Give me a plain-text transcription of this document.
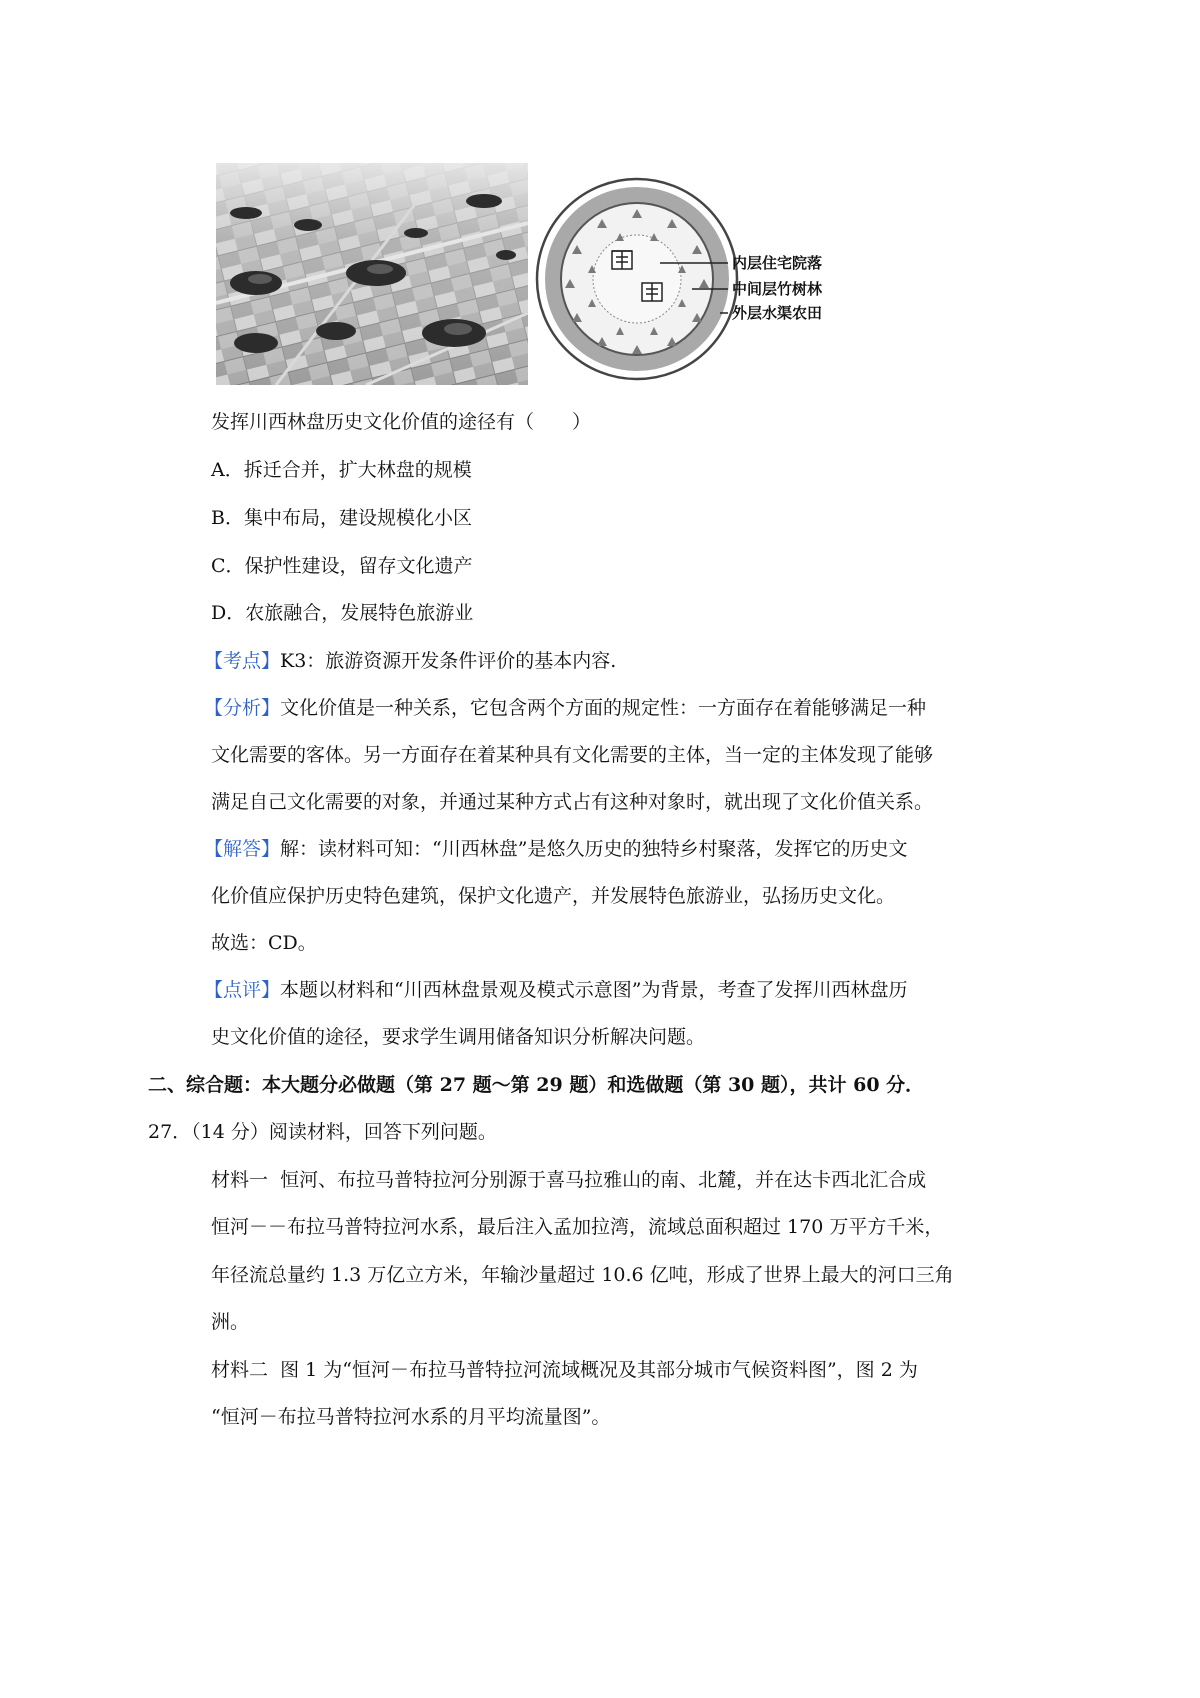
内层住宅院落
中间层竹树林
外层水渠农田
发挥川西林盘历史文化价值的途径有（　　）
A．拆迁合并，扩大林盘的规模
B．集中布局，建设规模化小区
C．保护性建设，留存文化遗产
D．农旅融合，发展特色旅游业
【考点】K3：旅游资源开发条件评价的基本内容.
【分析】文化价值是一种关系，它包含两个方面的规定性：一方面存在着能够满足一种
文化需要的客体。另一方面存在着某种具有文化需要的主体，当一定的主体发现了能够
满足自己文化需要的对象，并通过某种方式占有这种对象时，就出现了文化价值关系。
【解答】解：读材料可知：“川西林盘”是悠久历史的独特乡村聚落，发挥它的历史文
化价值应保护历史特色建筑，保护文化遗产，并发展特色旅游业，弘扬历史文化。
故选：CD。
【点评】本题以材料和“川西林盘景观及模式示意图”为背景，考查了发挥川西林盘历
史文化价值的途径，要求学生调用储备知识分析解决问题。
二、综合题：本大题分必做题（第 27 题～第 29 题）和选做题（第 30 题），共计 60 分．
27．（14 分）阅读材料，回答下列问题。
材料一  恒河、布拉马普特拉河分别源于喜马拉雅山的南、北麓，并在达卡西北汇合成
恒河－－布拉马普特拉河水系，最后注入孟加拉湾，流域总面积超过 170 万平方千米，
年径流总量约 1.3 万亿立方米，年输沙量超过 10.6 亿吨，形成了世界上最大的河口三角
洲。
材料二  图 1 为“恒河－布拉马普特拉河流域概况及其部分城市气候资料图”，图 2 为
“恒河－布拉马普特拉河水系的月平均流量图”。
